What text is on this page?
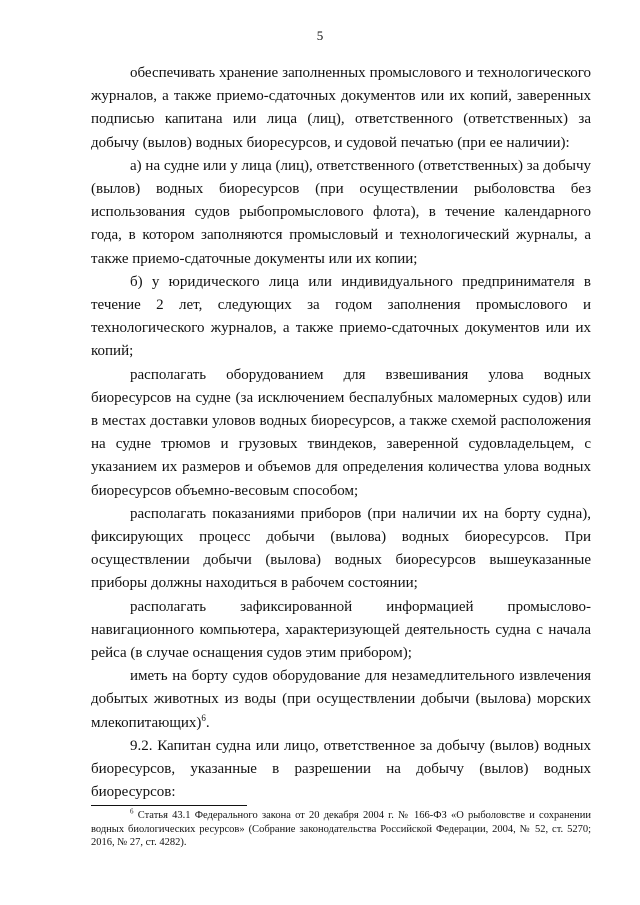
5

обеспечивать хранение заполненных промыслового и технологического журналов, а также приемо-сдаточных документов или их копий, заверенных подписью капитана или лица (лиц), ответственного (ответственных) за добычу (вылов) водных биоресурсов, и судовой печатью (при ее наличии):

а) на судне или у лица (лиц), ответственного (ответственных) за добычу (вылов) водных биоресурсов (при осуществлении рыболовства без использования судов рыбопромыслового флота), в течение календарного года, в котором заполняются промысловый и технологический журналы, а также приемо-сдаточные документы или их копии;

б) у юридического лица или индивидуального предпринимателя в течение 2 лет, следующих за годом заполнения промыслового и технологического журналов, а также приемо-сдаточных документов или их копий;

располагать оборудованием для взвешивания улова водных биоресурсов на судне (за исключением беспалубных маломерных судов) или в местах доставки уловов водных биоресурсов, а также схемой расположения на судне трюмов и грузовых твиндеков, заверенной судовладельцем, с указанием их размеров и объемов для определения количества улова водных биоресурсов объемно-весовым способом;

располагать показаниями приборов (при наличии их на борту судна), фиксирующих процесс добычи (вылова) водных биоресурсов. При осуществлении добычи (вылова) водных биоресурсов вышеуказанные приборы должны находиться в рабочем состоянии;

располагать зафиксированной информацией промыслово-навигационного компьютера, характеризующей деятельность судна с начала рейса (в случае оснащения судов этим прибором);

иметь на борту судов оборудование для незамедлительного извлечения добытых животных из воды (при осуществлении добычи (вылова) морских млекопитающих)$^6$.

9.2. Капитан судна или лицо, ответственное за добычу (вылов) водных биоресурсов, указанные в разрешении на добычу (вылов) водных биоресурсов:

$^6$ Статья 43.1 Федерального закона от 20 декабря 2004 г. № 166-ФЗ «О рыболовстве и сохранении водных биологических ресурсов» (Собрание законодательства Российской Федерации, 2004, № 52, ст. 5270; 2016, № 27, ст. 4282).
